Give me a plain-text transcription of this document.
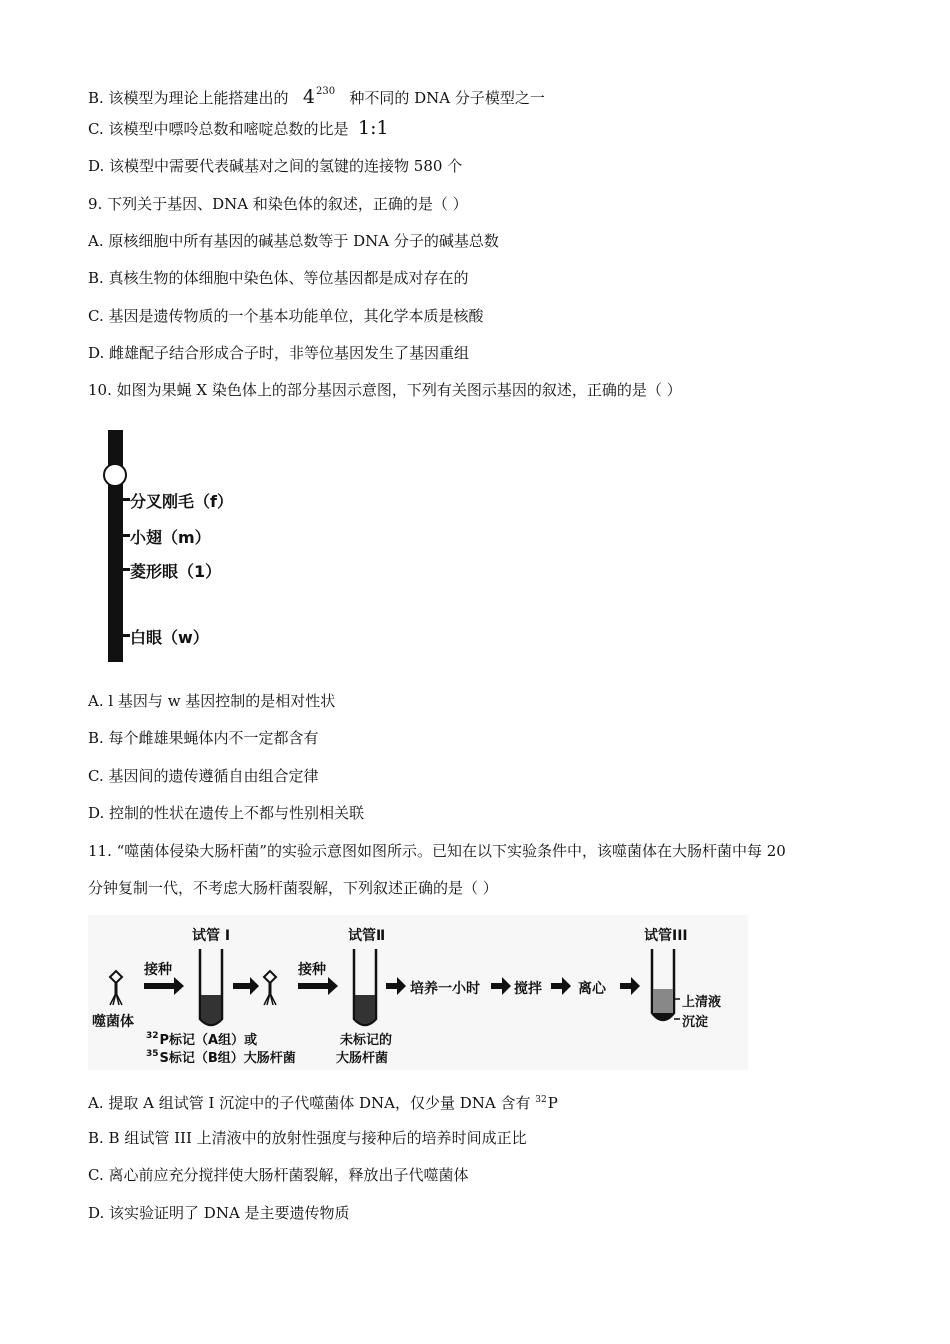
B. 该模型为理论上能搭建出的 $4^{230}$ 种不同的 DNA 分子模型之一
C. 该模型中嘌呤总数和嘧啶总数的比是 1:1
D. 该模型中需要代表碱基对之间的氢键的连接物 580 个
9. 下列关于基因、DNA 和染色体的叙述，正确的是（ ）
A. 原核细胞中所有基因的碱基总数等于 DNA 分子的碱基总数
B. 真核生物的体细胞中染色体、等位基因都是成对存在的
C. 基因是遗传物质的一个基本功能单位，其化学本质是核酸
D. 雌雄配子结合形成合子时，非等位基因发生了基因重组
10. 如图为果蝇 X 染色体上的部分基因示意图，下列有关图示基因的叙述，正确的是（ ）
分叉刚毛（f）
小翅（m）
菱形眼（1）
白眼（w）
A. l 基因与 w 基因控制的是相对性状
B. 每个雌雄果蝇体内不一定都含有
C. 基因间的遗传遵循自由组合定律
D. 控制的性状在遗传上不都与性别相关联
11. “噬菌体侵染大肠杆菌”的实验示意图如图所示。已知在以下实验条件中，该噬菌体在大肠杆菌中每 20
分钟复制一代，不考虑大肠杆菌裂解，下列叙述正确的是（ ）
试管 I	试管Ⅱ	试管III
接种	接种
噬菌体
$^{32}$P标记（A组）或
$^{35}$S标记（B组）大肠杆菌
未标记的
大肠杆菌
培养一小时 搅拌	离心
上清液
沉淀
A. 提取 A 组试管 I 沉淀中的子代噬菌体 DNA，仅少量 DNA 含有 $^{32}$P
B. B 组试管 III 上清液中的放射性强度与接种后的培养时间成正比
C. 离心前应充分搅拌使大肠杆菌裂解，释放出子代噬菌体
D. 该实验证明了 DNA 是主要遗传物质
